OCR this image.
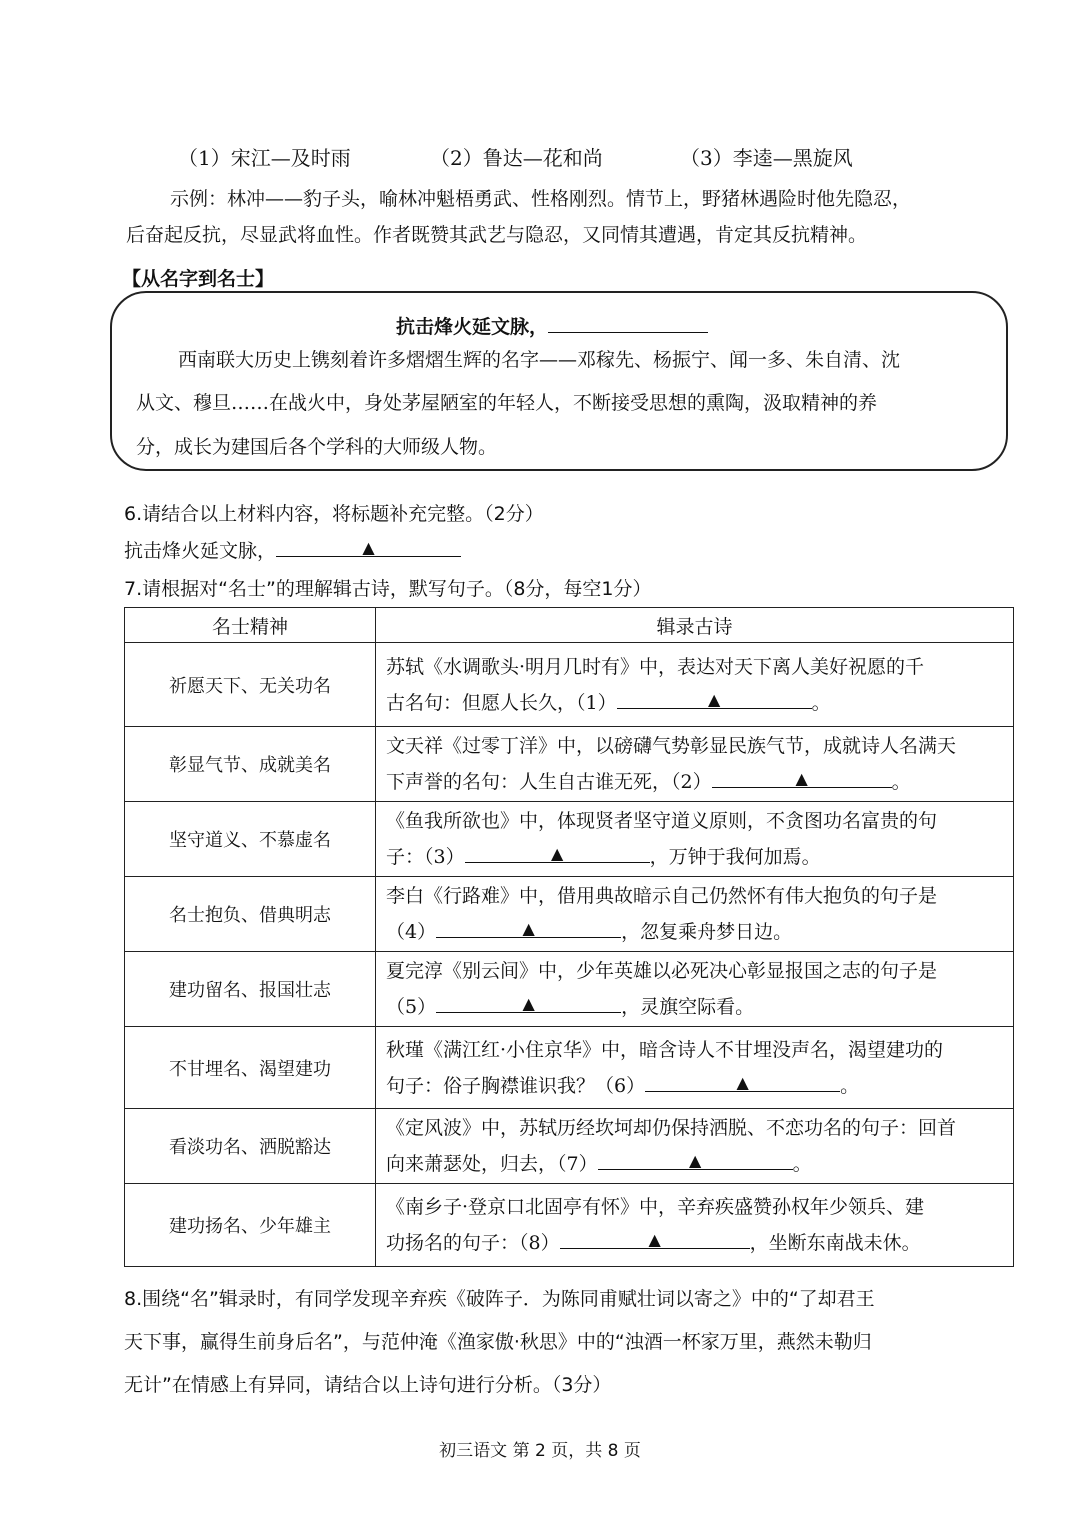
（1）宋江—及时雨	（2）鲁达—花和尚	（3）李逵—黑旋风
示例：林冲——豹子头，喻林冲魁梧勇武、性格刚烈。情节上，野猪林遇险时他先隐忍，
后奋起反抗，尽显武将血性。作者既赞其武艺与隐忍，又同情其遭遇，肯定其反抗精神。
【从名字到名士】
抗击烽火延文脉，
西南联大历史上镌刻着许多熠熠生辉的名字——邓稼先、杨振宁、闻一多、朱自清、沈
从文、穆旦……在战火中，身处茅屋陋室的年轻人，不断接受思想的熏陶，汲取精神的养
分，成长为建国后各个学科的大师级人物。
6.请结合以上材料内容，将标题补充完整。（2分）
抗击烽火延文脉，	▲
7.请根据对“名士”的理解辑古诗，默写句子。（8分，每空1分）
名士精神	辑录古诗
祈愿天下、无关功名	苏轼《水调歌头·明月几时有》中，表达对天下离人美好祝愿的千
古名句：但愿人长久，（1） ▲ 。

彰显气节、成就美名	文天祥《过零丁洋》中，以磅礴气势彰显民族气节，成就诗人名满天
下声誉的名句：人生自古谁无死，（2） ▲ 。

坚守道义、不慕虚名	《鱼我所欲也》中，体现贤者坚守道义原则，不贪图功名富贵的句
子：（3） ▲ ，万钟于我何加焉。

名士抱负、借典明志	李白《行路难》中，借用典故暗示自己仍然怀有伟大抱负的句子是
（4） ▲ ，忽复乘舟梦日边。

建功留名、报国壮志	夏完淳《别云间》中，少年英雄以必死决心彰显报国之志的句子是
（5） ▲ ，灵旗空际看。

不甘埋名、渴望建功	秋瑾《满江红·小住京华》中，暗含诗人不甘埋没声名，渴望建功的
句子：俗子胸襟谁识我？（6） ▲ 。

看淡功名、洒脱豁达	《定风波》中，苏轼历经坎坷却仍保持洒脱、不恋功名的句子：回首
向来萧瑟处，归去，（7） ▲ 。

建功扬名、少年雄主	《南乡子·登京口北固亭有怀》中，辛弃疾盛赞孙权年少领兵、建
功扬名的句子：（8） ▲ ，坐断东南战未休。
8.围绕“名”辑录时，有同学发现辛弃疾《破阵子．为陈同甫赋壮词以寄之》中的“了却君王
天下事，赢得生前身后名”，与范仲淹《渔家傲·秋思》中的“浊酒一杯家万里，燕然未勒归
无计”在情感上有异同，请结合以上诗句进行分析。（3分）
初三语文 第 2 页，共 8 页
